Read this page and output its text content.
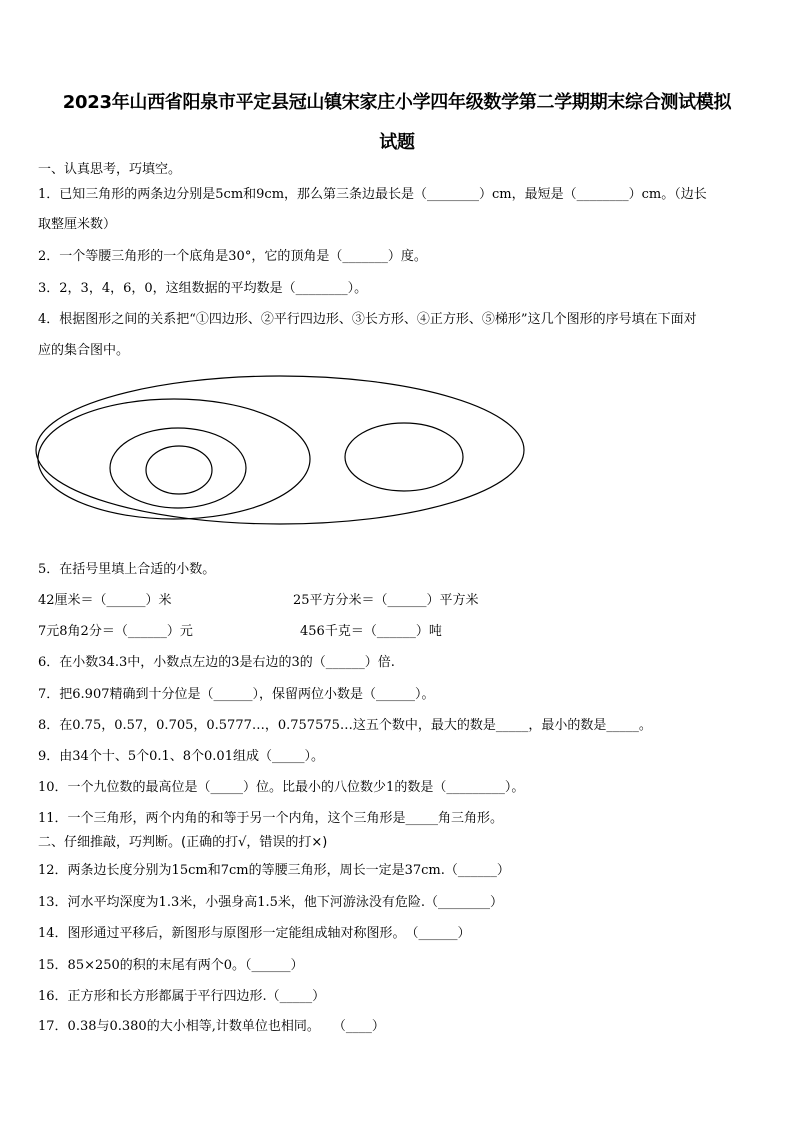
2023年山西省阳泉市平定县冠山镇宋家庄小学四年级数学第二学期期末综合测试模拟
试题
一、认真思考，巧填空。
1．已知三角形的两条边分别是5cm和9cm，那么第三条边最长是（________）cm，最短是（________）cm。（边长
取整厘米数）
2．一个等腰三角形的一个底角是30°，它的顶角是（_______）度。
3．2，3，4，6，0，这组数据的平均数是（________）。
4．根据图形之间的关系把“①四边形、②平行四边形、③长方形、④正方形、⑤梯形”这几个图形的序号填在下面对
应的集合图中。
5．在括号里填上合适的小数。
42厘米＝（______）米	25平方分米＝（______）平方米
7元8角2分＝（______）元	456千克＝（______）吨
6．在小数34.3中，小数点左边的3是右边的3的（______）倍.
7．把6.907精确到十分位是（______），保留两位小数是（______）。
8．在0.75，0.57，0.705，0.5777…，0.757575…这五个数中，最大的数是_____，最小的数是_____。
9．由34个十、5个0.1、8个0.01组成（_____）。
10．一个九位数的最高位是（_____）位。比最小的八位数少1的数是（_________）。
11．一个三角形，两个内角的和等于另一个内角，这个三角形是_____角三角形。
二、仔细推敲，巧判断。(正确的打√，错误的打×)
12．两条边长度分别为15cm和7cm的等腰三角形，周长一定是37cm.（______）
13．河水平均深度为1.3米，小强身高1.5米，他下河游泳没有危险.（________）
14．图形通过平移后，新图形与原图形一定能组成轴对称图形。　（______）
15．85×250的积的末尾有两个0。（______）
16．正方形和长方形都属于平行四边形.（_____）
17．0.38与0.380的大小相等,计数单位也相同。　　（____）
